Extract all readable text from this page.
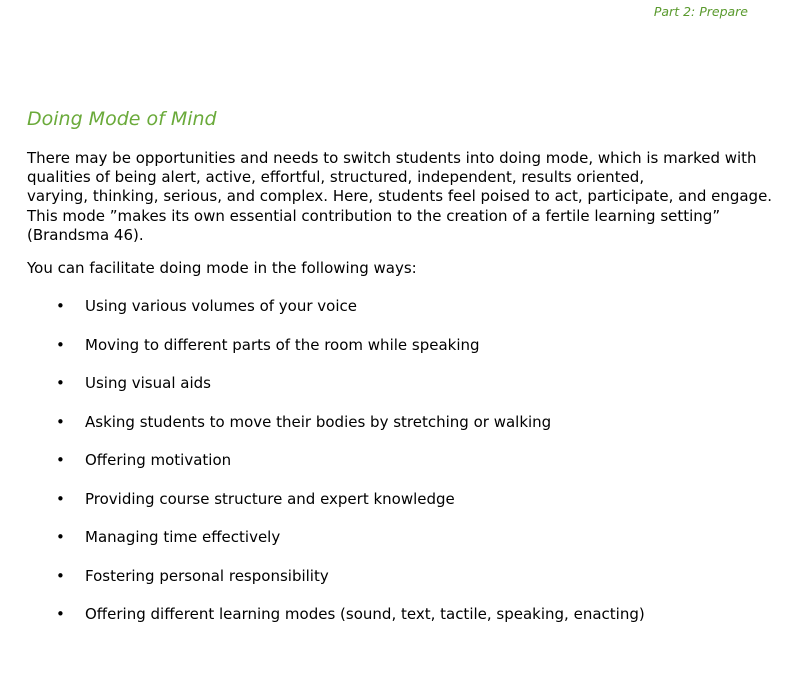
Part 2: Prepare
Doing Mode of Mind

There may be opportunities and needs to switch students into doing mode, which is marked with
qualities of being alert, active, effortful, structured, independent, results oriented,
varying, thinking, serious, and complex. Here, students feel poised to act, participate, and engage.
This mode ”makes its own essential contribution to the creation of a fertile learning setting”
(Brandsma 46).

You can facilitate doing mode in the following ways:

• Using various volumes of your voice
• Moving to different parts of the room while speaking
• Using visual aids
• Asking students to move their bodies by stretching or walking
• Offering motivation
• Providing course structure and expert knowledge
• Managing time effectively
• Fostering personal responsibility
• Offering different learning modes (sound, text, tactile, speaking, enacting)
